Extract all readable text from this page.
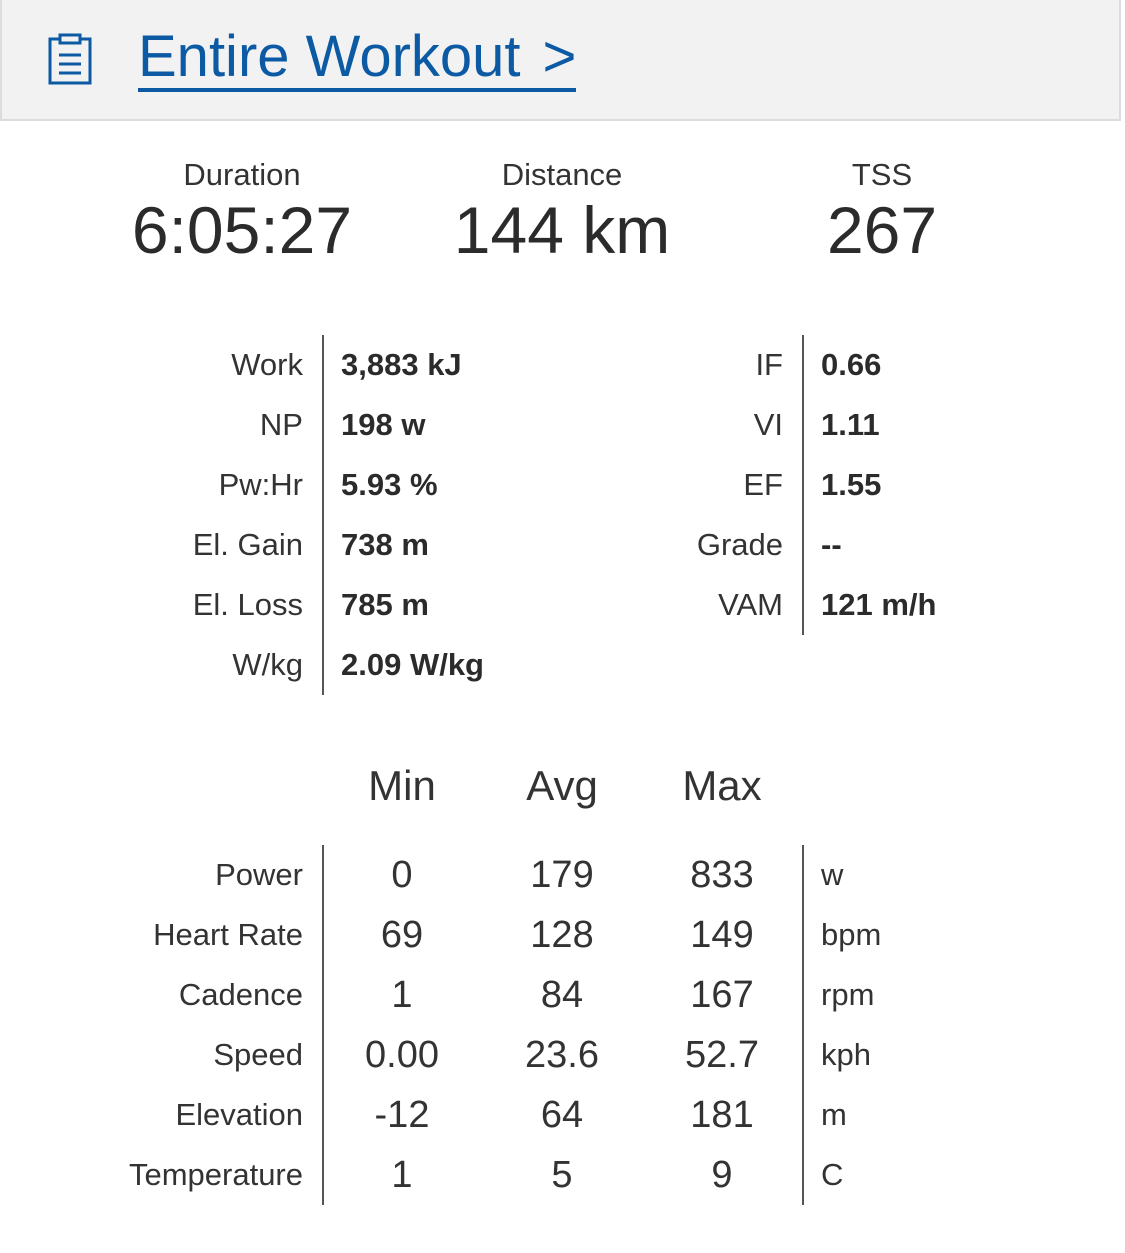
Entire Workout >
Duration
6:05:27
Distance
144 km
TSS
267
Work 3,883 kJ
NP 198 w
Pw:Hr 5.93 %
El. Gain 738 m
El. Loss 785 m
W/kg 2.09 W/kg
IF 0.66
VI 1.11
EF 1.55
Grade --
VAM 121 m/h
Min	Avg	Max
Power	0	179	833	w
Heart Rate	69	128	149	bpm
Cadence	1	84	167	rpm
Speed	0.00	23.6	52.7	kph
Elevation	-12	64	181	m
Temperature	1	5	9	C
